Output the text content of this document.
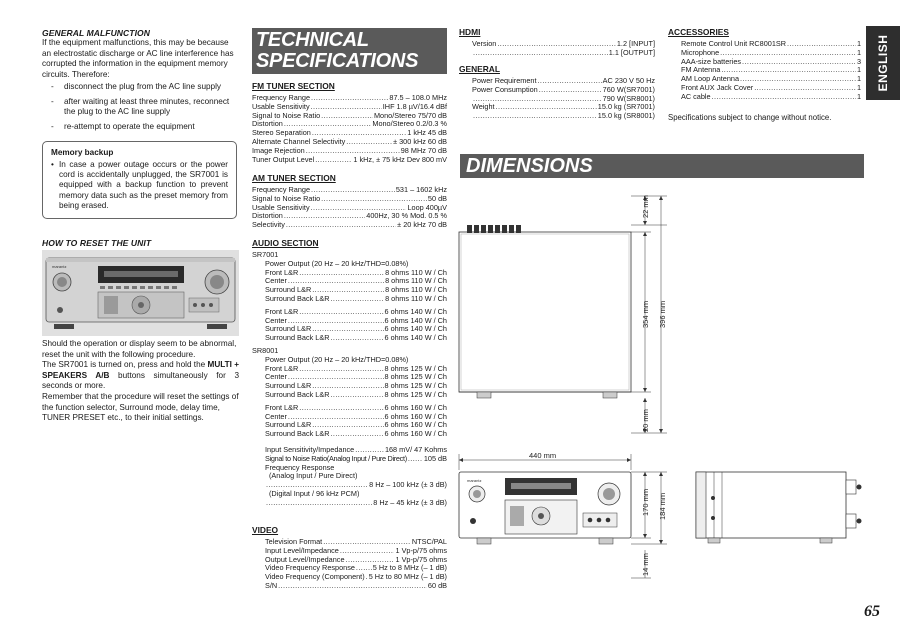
GENERAL MALFUNCTION
If the equipment malfunctions, this may be because an electrostatic discharge or AC line interference has corrupted the information in the equipment memory circuits. Therefore:
- disconnect the plug from the AC line supply
- after waiting at least three minutes, reconnect the plug to the AC line supply
- re-attempt to operate the equipment
Memory backup
• In case a power outage occurs or the power cord is accidentally unplugged, the SR7001 is equipped with a backup function to prevent memory data such as the preset memory from being erased.
HOW TO RESET THE UNIT
marantz
Should the operation or display seem to be abnormal, reset the unit with the following procedure.
The SR7001 is turned on, press and hold the MULTI + SPEAKERS A/B buttons simultaneously for 3 seconds or more.
Remember that the procedure will reset the settings of the function selector, Surround mode, delay time, TUNER PRESET etc., to their initial settings.
TECHNICAL
SPECIFICATIONS
FM TUNER SECTION
Frequency Range .....	87.5 – 108.0 MHz
Usable Sensitivity .....	IHF 1.8 µV/16.4 dBf
Signal to Noise Ratio .....	Mono/Stereo 75/70 dB
Distortion .....	Mono/Stereo 0.2/0.3 %
Stereo Separation .....	1 kHz 45 dB
Alternate Channel Selectivity .....	± 300 kHz 60 dB
Image Rejection .....	98 MHz 70 dB
Tuner Output Level .....	1 kHz, ± 75 kHz Dev 800 mV
AM TUNER SECTION
Frequency Range .....	531 – 1602 kHz
Signal to Noise Ratio .....	50 dB
Usable Sensitivity .....	Loop 400µV
Distortion .....	400Hz, 30 % Mod. 0.5 %
Selectivity .....	± 20 kHz 70 dB
AUDIO SECTION
SR7001
Power Output (20 Hz – 20 kHz/THD=0.08%)
Front L&R .....	8 ohms 110 W / Ch
Center .....	8 ohms 110 W / Ch
Surround L&R .....	8 ohms 110 W / Ch
Surround Back L&R .....	8 ohms 110 W / Ch
Front L&R .....	6 ohms 140 W / Ch
Center .....	6 ohms 140 W / Ch
Surround L&R .....	6 ohms 140 W / Ch
Surround Back L&R .....	6 ohms 140 W / Ch
SR8001
Power Output (20 Hz – 20 kHz/THD=0.08%)
Front L&R .....	8 ohms 125 W / Ch
Center .....	8 ohms 125 W / Ch
Surround L&R .....	8 ohms 125 W / Ch
Surround Back L&R .....	8 ohms 125 W / Ch
Front L&R .....	6 ohms 160 W / Ch
Center .....	6 ohms 160 W / Ch
Surround L&R .....	6 ohms 160 W / Ch
Surround Back L&R .....	6 ohms 160 W / Ch
Input Sensitivity/Impedance .....	168 mV/ 47 Kohms
Signal to Noise Ratio(Analog Input / Pure Direct) ..... 105 dB
Frequency Response
(Analog Input / Pure Direct)
.....
8 Hz – 100 kHz (± 3 dB)
(Digital Input / 96 kHz PCM)
.....
8 Hz – 45 kHz (± 3 dB)
VIDEO
Television Format .....	NTSC/PAL
Input Level/Impedance .....	1 Vp-p/75 ohms
Output Level/Impedance .....	1 Vp-p/75 ohms
Video Frequency Response ..... 5 Hz to 8 MHz (– 1 dB)
Video Frequency (Component) ..... 5 Hz to 80 MHz (– 1 dB)
S/N .....	60 dB
HDMI
Version .....	1.2 [INPUT]
.....
1.1 [OUTPUT]
GENERAL
Power Requirement .....	AC 230 V 50 Hz
Power Consumption .....	760 W(SR7001)
.....
790 W(SR8001)
Weight .....	15.0 kg (SR7001)
.....
15.0 kg (SR8001)
ACCESSORIES
Remote Control Unit RC8001SR .....	1
Microphone .....	1
AAA-size batteries .....	3
FM Antenna .....	1
AM Loop Antenna .....	1
Front AUX Jack Cover .....	1
AC cable .....	1
Specifications subject to change without notice.
DIMENSIONS
22 mm
354 mm 396 mm
20 mm
440 mm
marantz
170 mm 184 mm
14 mm
ENGLISH
65
